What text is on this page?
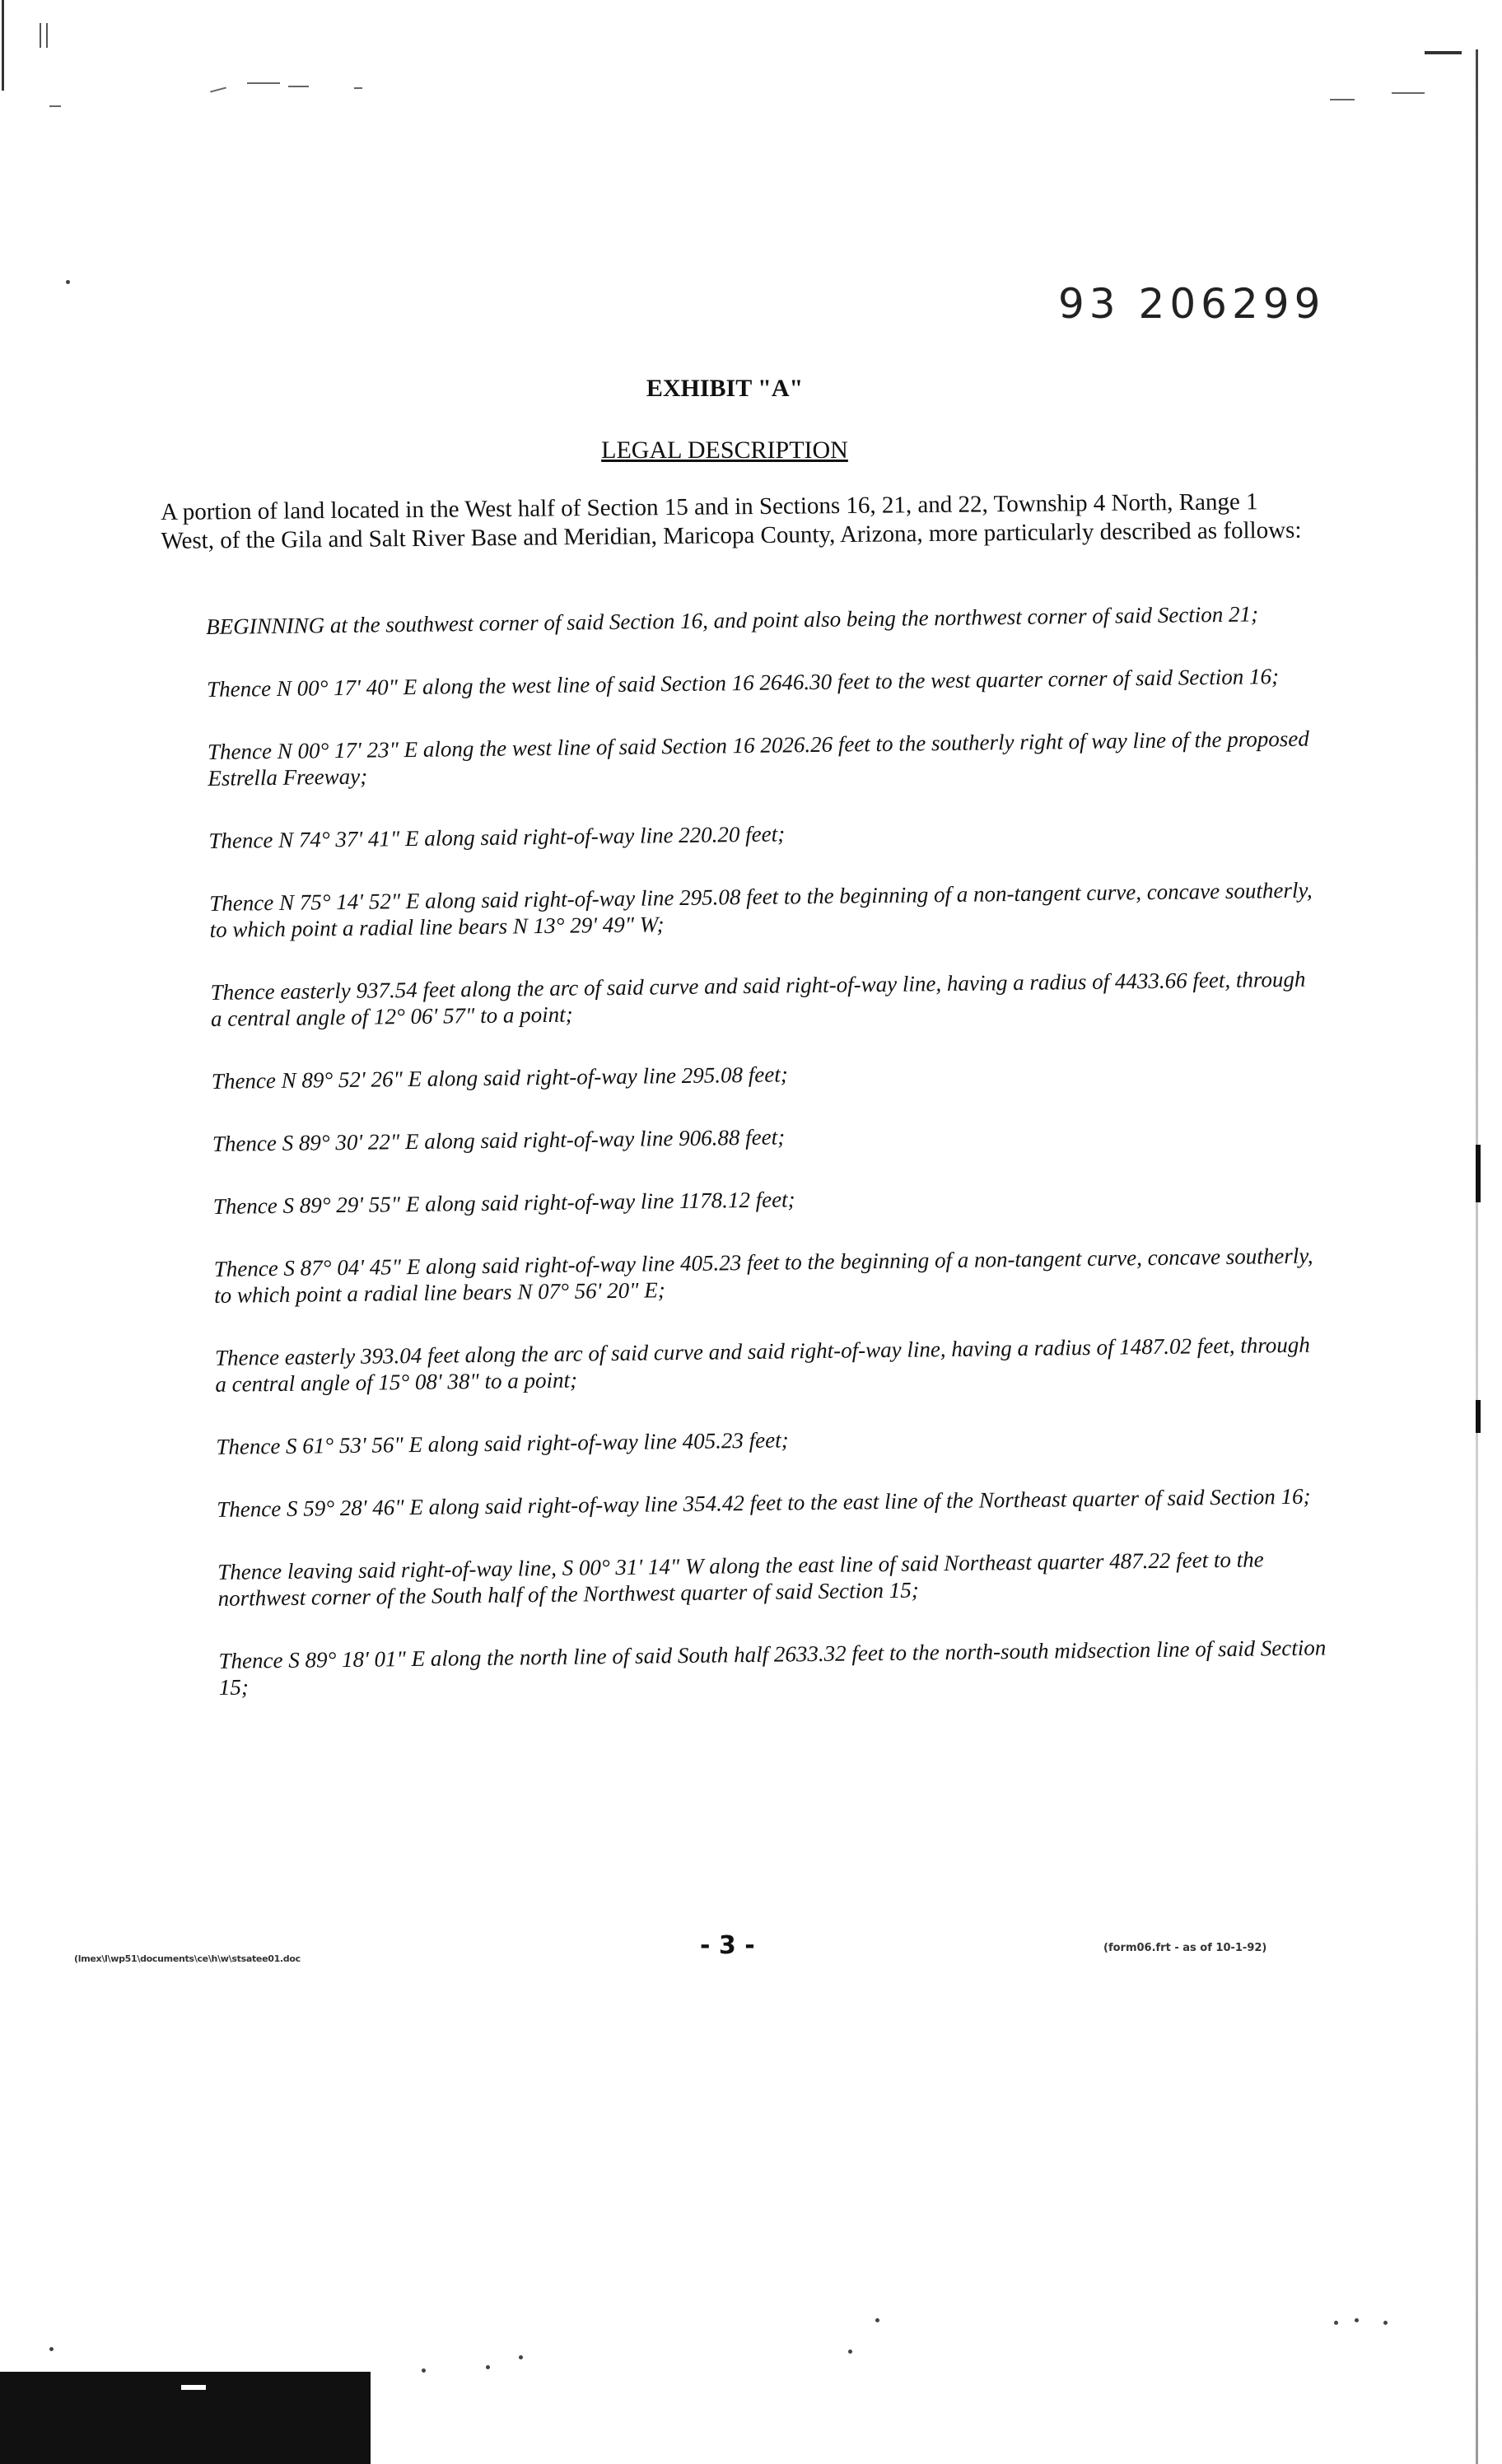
93 206299
EXHIBIT "A"
LEGAL DESCRIPTION
A portion of land located in the West half of Section 15 and in Sections 16, 21, and 22, Township 4 North, Range 1 West, of the Gila and Salt River Base and Meridian, Maricopa County, Arizona, more particularly described as follows:

BEGINNING at the southwest corner of said Section 16, and point also being the northwest corner of said Section 21;

Thence N 00° 17' 40" E along the west line of said Section 16 2646.30 feet to the west quarter corner of said Section 16;

Thence N 00° 17' 23" E along the west line of said Section 16 2026.26 feet to the southerly right of way line of the proposed Estrella Freeway;

Thence N 74° 37' 41" E along said right-of-way line 220.20 feet;

Thence N 75° 14' 52" E along said right-of-way line 295.08 feet to the beginning of a non-tangent curve, concave southerly, to which point a radial line bears N 13° 29' 49" W;

Thence easterly 937.54 feet along the arc of said curve and said right-of-way line, having a radius of 4433.66 feet, through a central angle of 12° 06' 57" to a point;

Thence N 89° 52' 26" E along said right-of-way line 295.08 feet;

Thence S 89° 30' 22" E along said right-of-way line 906.88 feet;

Thence S 89° 29' 55" E along said right-of-way line 1178.12 feet;

Thence S 87° 04' 45" E along said right-of-way line 405.23 feet to the beginning of a non-tangent curve, concave southerly, to which point a radial line bears N 07° 56' 20" E;

Thence easterly 393.04 feet along the arc of said curve and said right-of-way line, having a radius of 1487.02 feet, through a central angle of 15° 08' 38" to a point;

Thence S 61° 53' 56" E along said right-of-way line 405.23 feet;

Thence S 59° 28' 46" E along said right-of-way line 354.42 feet to the east line of the Northeast quarter of said Section 16;

Thence leaving said right-of-way line, S 00° 31' 14" W along the east line of said Northeast quarter 487.22 feet to the northwest corner of the South half of the Northwest quarter of said Section 15;

Thence S 89° 18' 01" E along the north line of said South half 2633.32 feet to the north-south midsection line of said Section 15;

(lmex\l\wp51\documents\ce\h\w\stsatee01.doc	- 3 -	(form06.frt - as of 10-1-92)
